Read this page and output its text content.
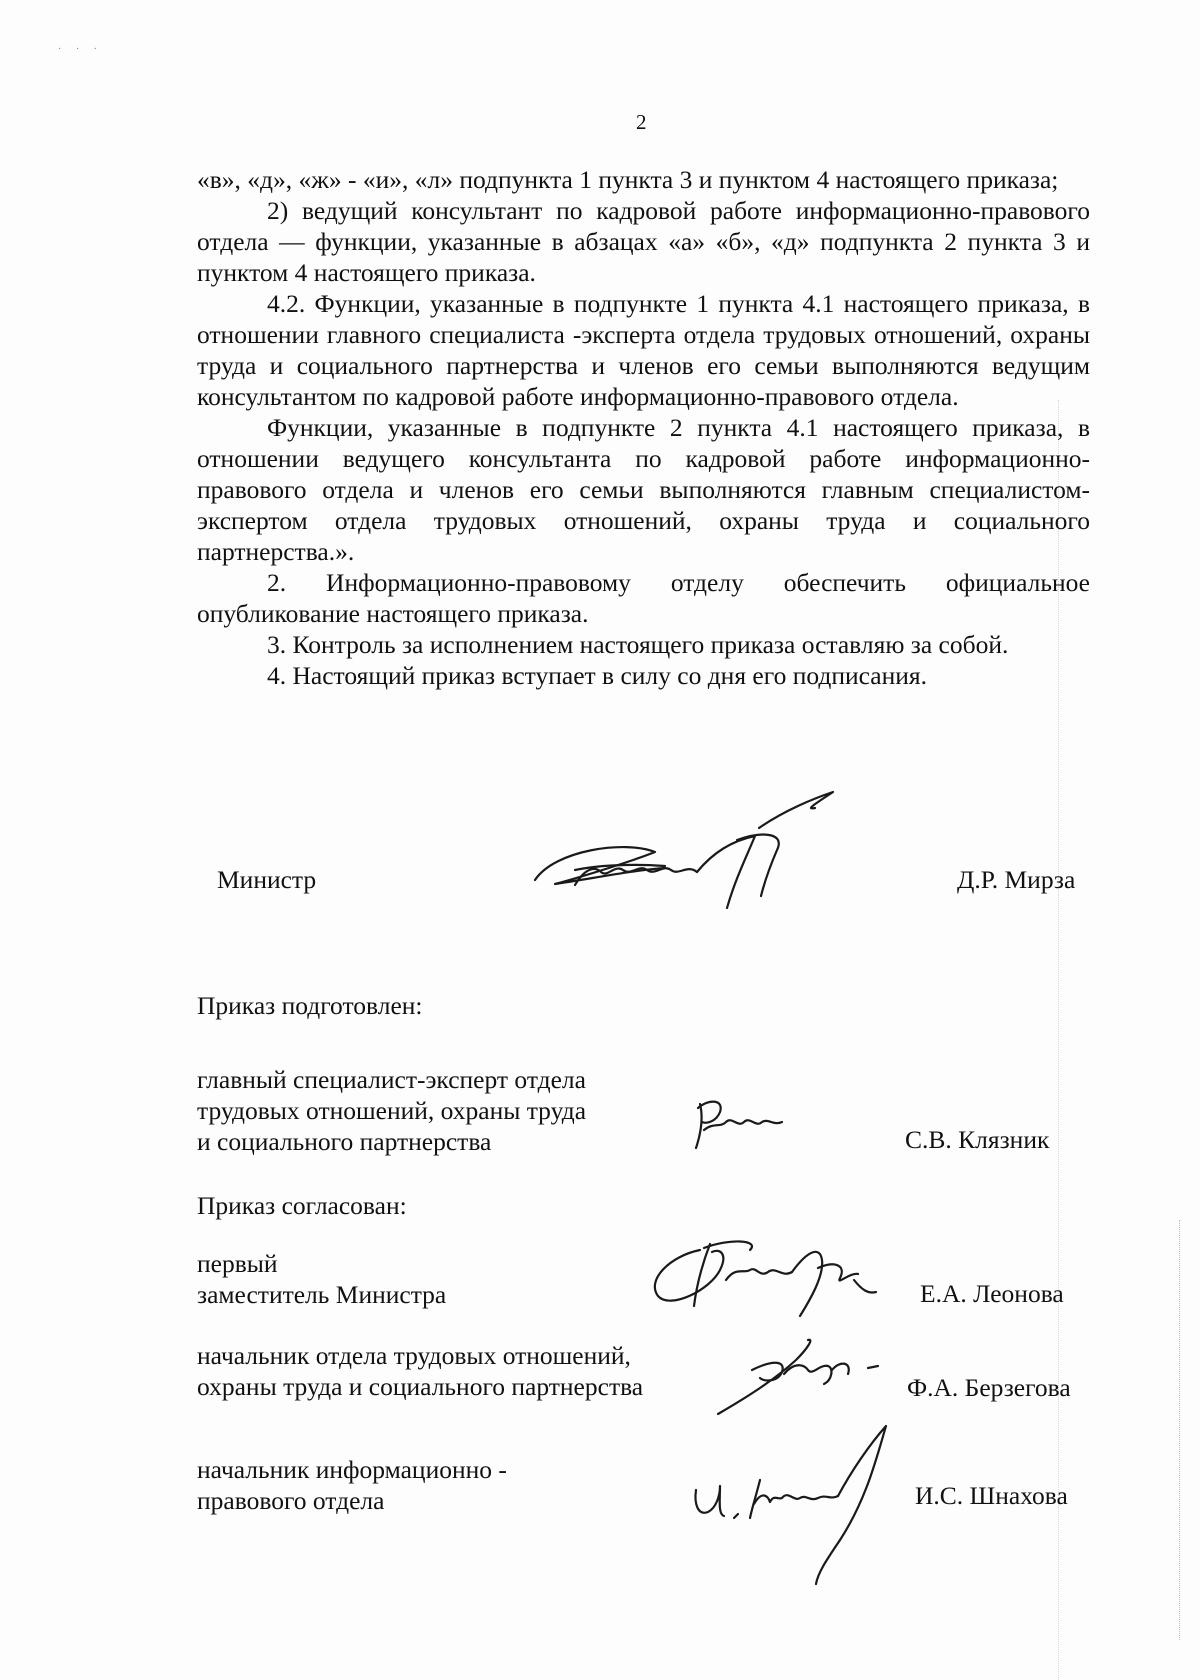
· · ·
2

«в», «д», «ж» - «и», «л» подпункта 1 пункта 3 и пунктом 4 настоящего приказа;

2) ведущий консультант по кадровой работе информационно-правового отдела — функции, указанные в абзацах «а» «б», «д» подпункта 2 пункта 3 и пунктом 4 настоящего приказа.

4.2. Функции, указанные в подпункте 1 пункта 4.1 настоящего приказа, в отношении главного специалиста -эксперта отдела трудовых отношений, охраны труда и социального партнерства и членов его семьи выполняются ведущим консультантом по кадровой работе информационно-правового отдела.

Функции, указанные в подпункте 2 пункта 4.1 настоящего приказа, в отношении ведущего консультанта по кадровой работе информационно-правового отдела и членов его семьи выполняются главным специалистом-экспертом отдела трудовых отношений, охраны труда и социального партнерства.».

2. Информационно-правовому отделу обеспечить официальное опубликование настоящего приказа.

3. Контроль за исполнением настоящего приказа оставляю за собой.

4. Настоящий приказ вступает в силу со дня его подписания.

Министр	Д.Р. Мирза
Приказ подготовлен:
главный специалист-эксперт отдела
трудовых отношений, охраны труда
и социального партнерства	С.В. Клязник
Приказ согласован:
первый
заместитель Министра	Е.А. Леонова
начальник отдела трудовых отношений,
охраны труда и социального партнерства	Ф.А. Берзегова
начальник информационно -
правового отдела	И.С. Шнахова
